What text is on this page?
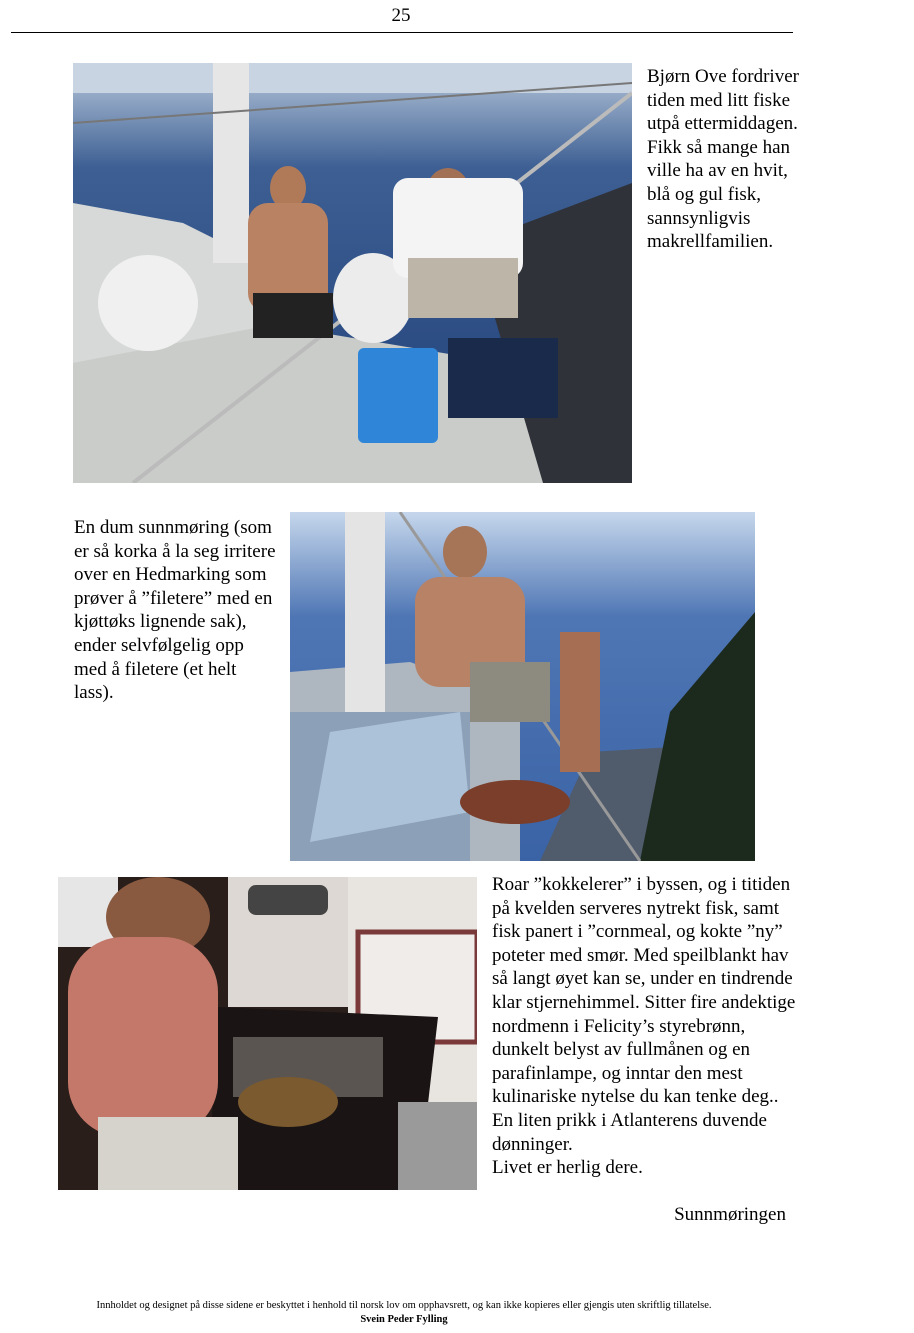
25
Bjørn Ove fordriver tiden med litt fiske utpå ettermiddagen. Fikk så mange han ville ha av en hvit, blå og gul fisk, sannsynligvis makrellfamilien.
En dum sunnmøring (som er så korka å la seg irritere over en Hedmarking som prøver å ”filetere” med en kjøttøks lignende sak), ender selvfølgelig opp med å filetere (et helt lass).
Roar ”kokkelerer” i byssen, og i titiden på kvelden serveres nytrekt fisk, samt fisk panert i ”cornmeal, og kokte ”ny” poteter med smør. Med speilblankt hav så langt øyet kan se, under en tindrende klar stjernehimmel. Sitter fire andektige nordmenn i Felicity’s styrebrønn, dunkelt belyst av fullmånen og en parafinlampe, og inntar den mest kulinariske nytelse du kan tenke deg.. En liten prikk i Atlanterens duvende dønninger.
Livet er herlig dere.
Sunnmøringen
Innholdet og designet på disse sidene er beskyttet i henhold til norsk lov om opphavsrett, og kan ikke kopieres eller gjengis uten skriftlig tillatelse.
Svein Peder Fylling
